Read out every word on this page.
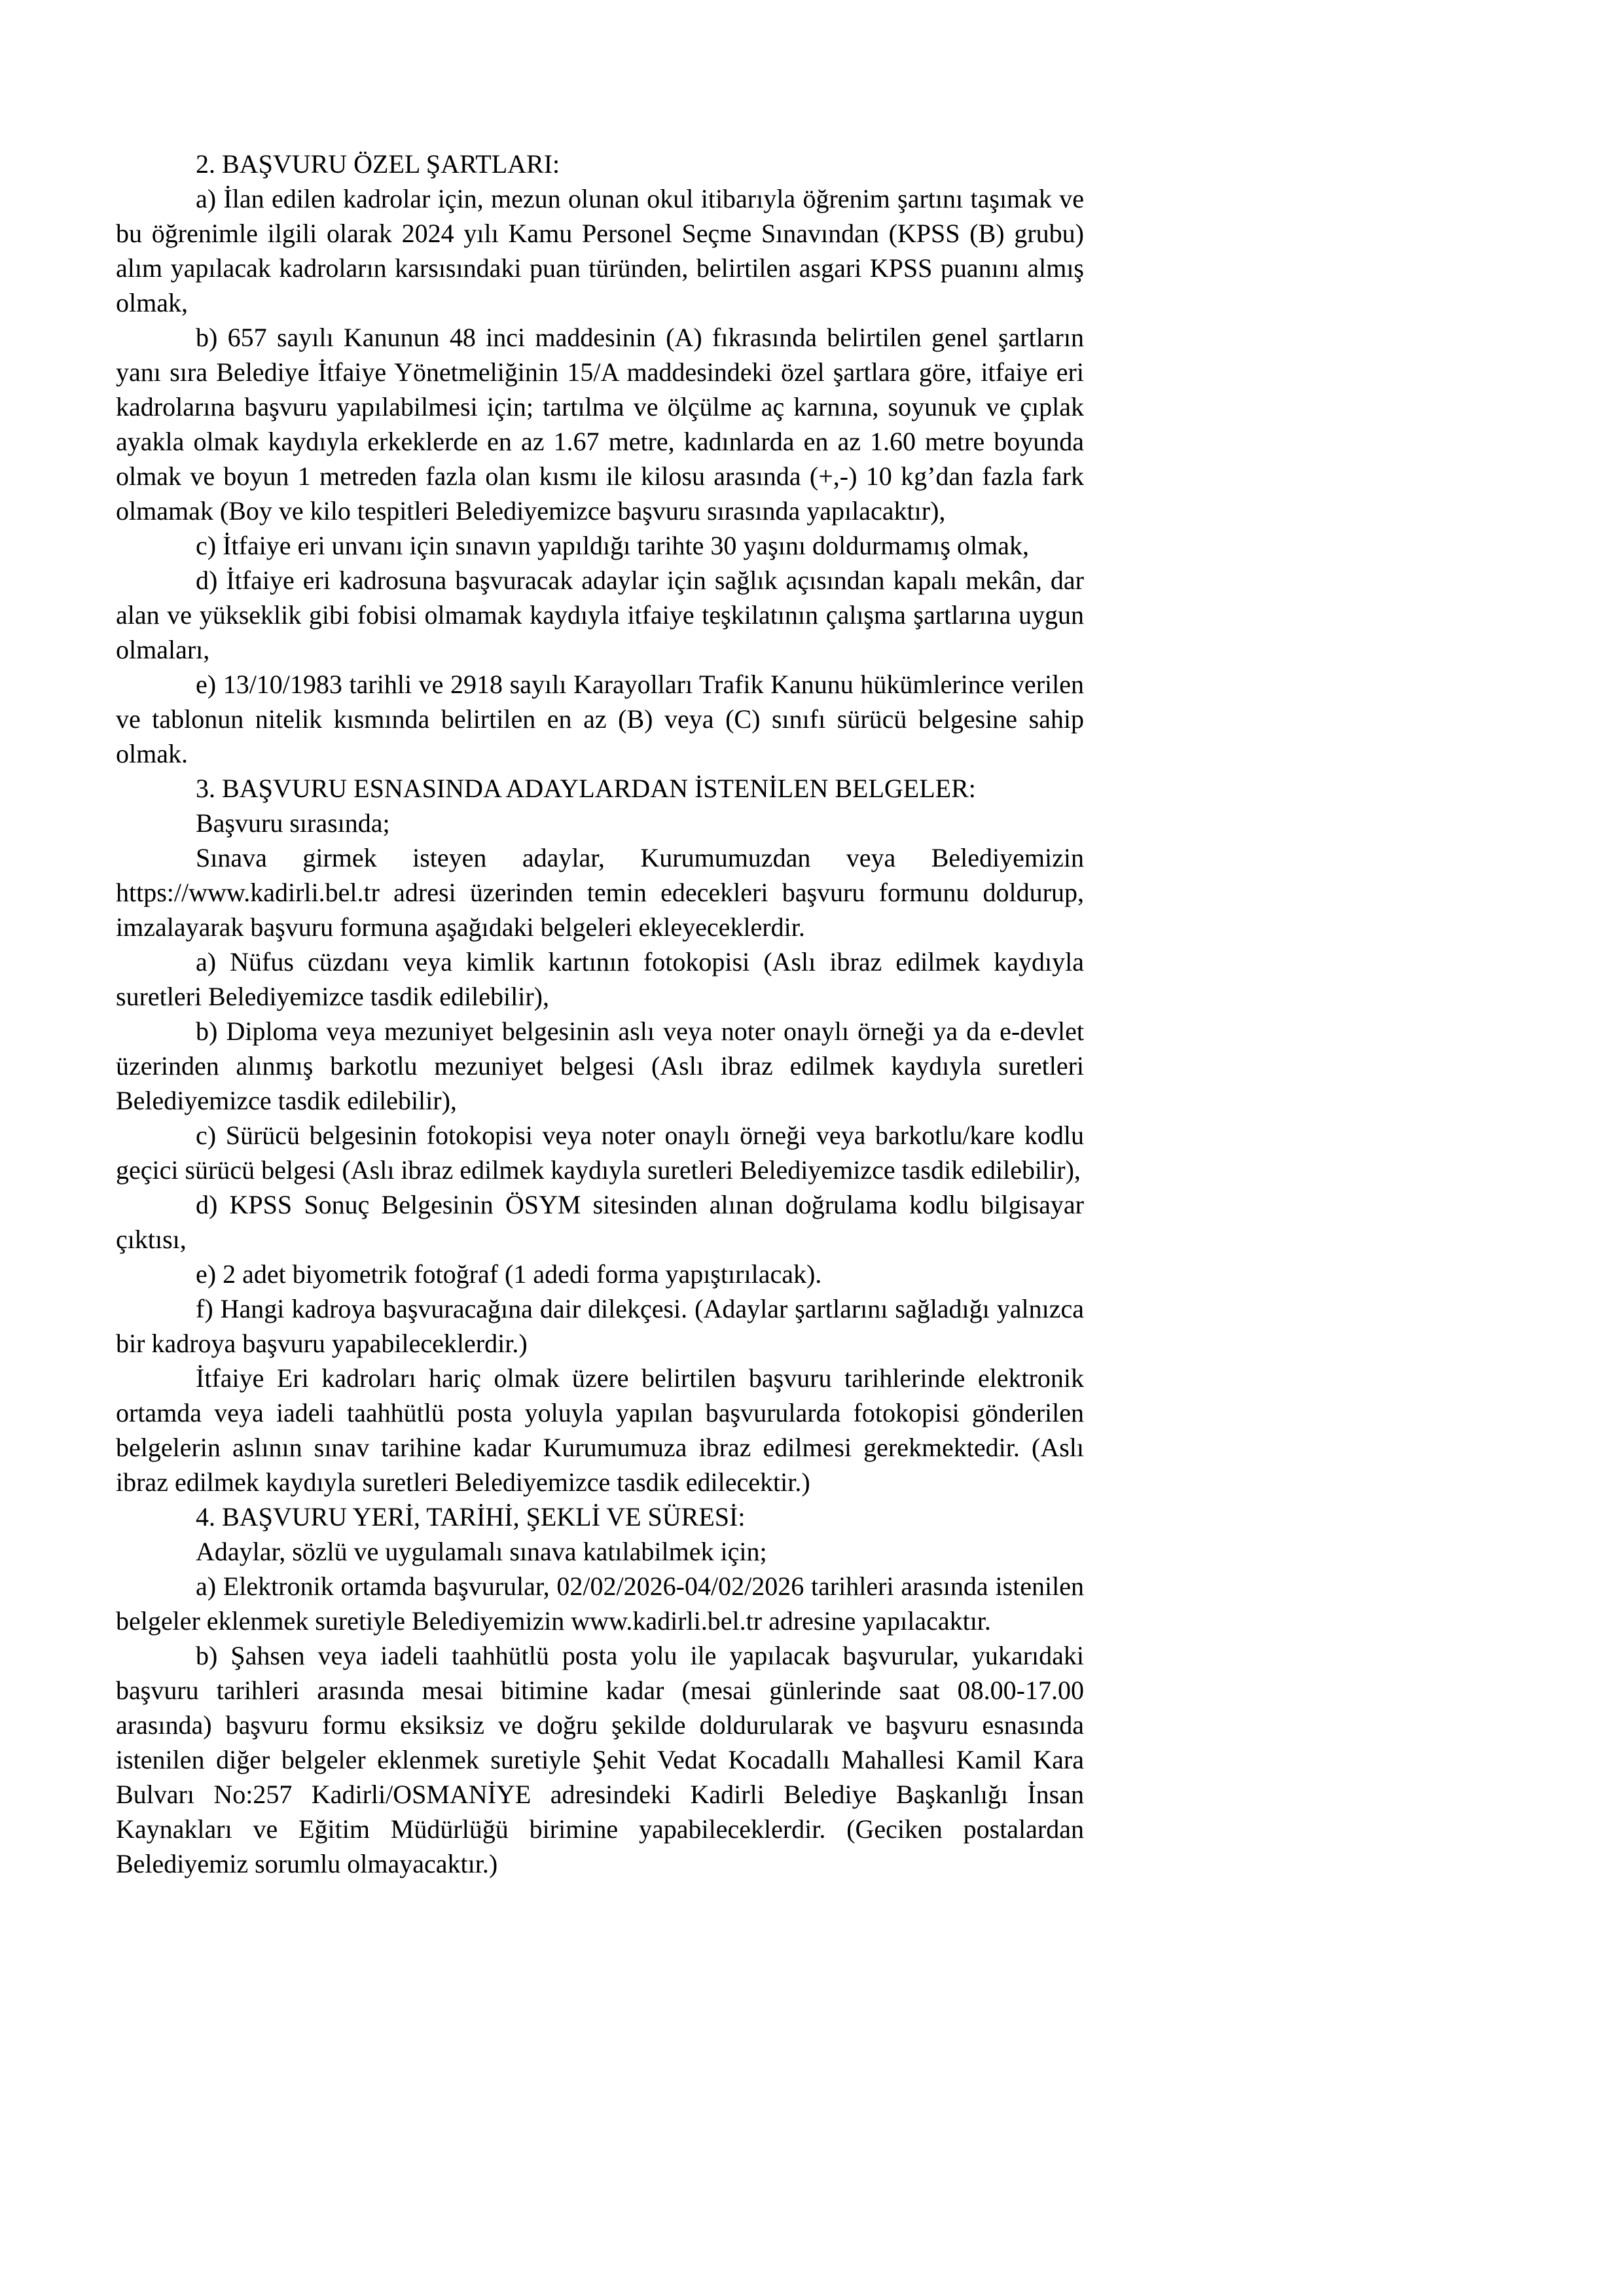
2. BAŞVURU ÖZEL ŞARTLARI:

a) İlan edilen kadrolar için, mezun olunan okul itibarıyla öğrenim şartını taşımak ve bu öğrenimle ilgili olarak 2024 yılı Kamu Personel Seçme Sınavından (KPSS (B) grubu) alım yapılacak kadroların karsısındaki puan türünden, belirtilen asgari KPSS puanını almış olmak,

b) 657 sayılı Kanunun 48 inci maddesinin (A) fıkrasında belirtilen genel şartların yanı sıra Belediye İtfaiye Yönetmeliğinin 15/A maddesindeki özel şartlara göre, itfaiye eri kadrolarına başvuru yapılabilmesi için; tartılma ve ölçülme aç karnına, soyunuk ve çıplak ayakla olmak kaydıyla erkeklerde en az 1.67 metre, kadınlarda en az 1.60 metre boyunda olmak ve boyun 1 metreden fazla olan kısmı ile kilosu arasında (+,-) 10 kg’dan fazla fark olmamak (Boy ve kilo tespitleri Belediyemizce başvuru sırasında yapılacaktır),

c) İtfaiye eri unvanı için sınavın yapıldığı tarihte 30 yaşını doldurmamış olmak,

d) İtfaiye eri kadrosuna başvuracak adaylar için sağlık açısından kapalı mekân, dar alan ve yükseklik gibi fobisi olmamak kaydıyla itfaiye teşkilatının çalışma şartlarına uygun olmaları,

e) 13/10/1983 tarihli ve 2918 sayılı Karayolları Trafik Kanunu hükümlerince verilen ve tablonun nitelik kısmında belirtilen en az (B) veya (C) sınıfı sürücü belgesine sahip olmak.

3. BAŞVURU ESNASINDA ADAYLARDAN İSTENİLEN BELGELER:

Başvuru sırasında;

Sınava girmek isteyen adaylar, Kurumumuzdan veya Belediyemizin https://www.kadirli.bel.tr adresi üzerinden temin edecekleri başvuru formunu doldurup, imzalayarak başvuru formuna aşağıdaki belgeleri ekleyeceklerdir.

a) Nüfus cüzdanı veya kimlik kartının fotokopisi (Aslı ibraz edilmek kaydıyla suretleri Belediyemizce tasdik edilebilir),

b) Diploma veya mezuniyet belgesinin aslı veya noter onaylı örneği ya da e-devlet üzerinden alınmış barkotlu mezuniyet belgesi (Aslı ibraz edilmek kaydıyla suretleri Belediyemizce tasdik edilebilir),

c) Sürücü belgesinin fotokopisi veya noter onaylı örneği veya barkotlu/kare kodlu geçici sürücü belgesi (Aslı ibraz edilmek kaydıyla suretleri Belediyemizce tasdik edilebilir),

d) KPSS Sonuç Belgesinin ÖSYM sitesinden alınan doğrulama kodlu bilgisayar çıktısı,

e) 2 adet biyometrik fotoğraf (1 adedi forma yapıştırılacak).

f) Hangi kadroya başvuracağına dair dilekçesi. (Adaylar şartlarını sağladığı yalnızca bir kadroya başvuru yapabileceklerdir.)

İtfaiye Eri kadroları hariç olmak üzere belirtilen başvuru tarihlerinde elektronik ortamda veya iadeli taahhütlü posta yoluyla yapılan başvurularda fotokopisi gönderilen belgelerin aslının sınav tarihine kadar Kurumumuza ibraz edilmesi gerekmektedir. (Aslı ibraz edilmek kaydıyla suretleri Belediyemizce tasdik edilecektir.)

4. BAŞVURU YERİ, TARİHİ, ŞEKLİ VE SÜRESİ:

Adaylar, sözlü ve uygulamalı sınava katılabilmek için;

a) Elektronik ortamda başvurular, 02/02/2026-04/02/2026 tarihleri arasında istenilen belgeler eklenmek suretiyle Belediyemizin www.kadirli.bel.tr adresine yapılacaktır.

b) Şahsen veya iadeli taahhütlü posta yolu ile yapılacak başvurular, yukarıdaki başvuru tarihleri arasında mesai bitimine kadar (mesai günlerinde saat 08.00-17.00 arasında) başvuru formu eksiksiz ve doğru şekilde doldurularak ve başvuru esnasında istenilen diğer belgeler eklenmek suretiyle Şehit Vedat Kocadallı Mahallesi Kamil Kara Bulvarı No:257 Kadirli/OSMANİYE adresindeki Kadirli Belediye Başkanlığı İnsan Kaynakları ve Eğitim Müdürlüğü birimine yapabileceklerdir. (Geciken postalardan Belediyemiz sorumlu olmayacaktır.)
